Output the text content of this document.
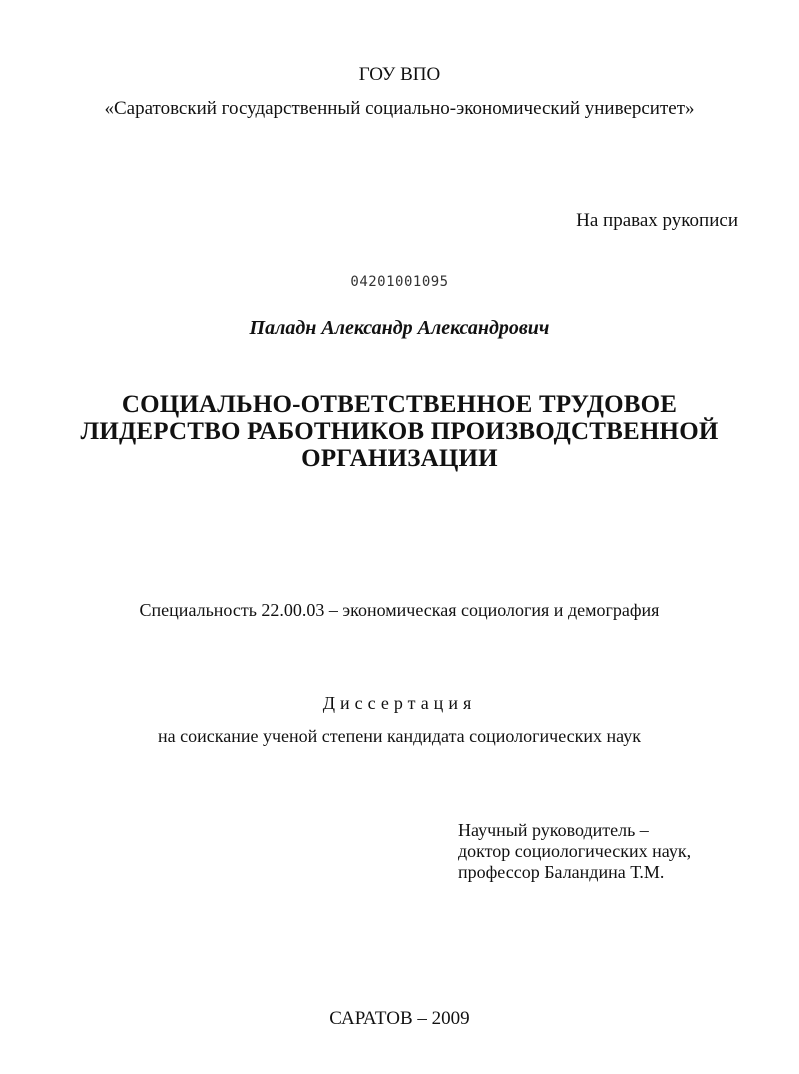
ГОУ ВПО

«Саратовский государственный социально-экономический университет»

На правах рукописи

04201001095

Паладн Александр Александрович

СОЦИАЛЬНО-ОТВЕТСТВЕННОЕ ТРУДОВОЕ
ЛИДЕРСТВО РАБОТНИКОВ ПРОИЗВОДСТВЕННОЙ
ОРГАНИЗАЦИИ

Специальность 22.00.03 – экономическая социология и демография

Диссертация

на соискание ученой степени кандидата социологических наук

Научный руководитель –
доктор социологических наук,
профессор Баландина Т.М.

САРАТОВ – 2009
